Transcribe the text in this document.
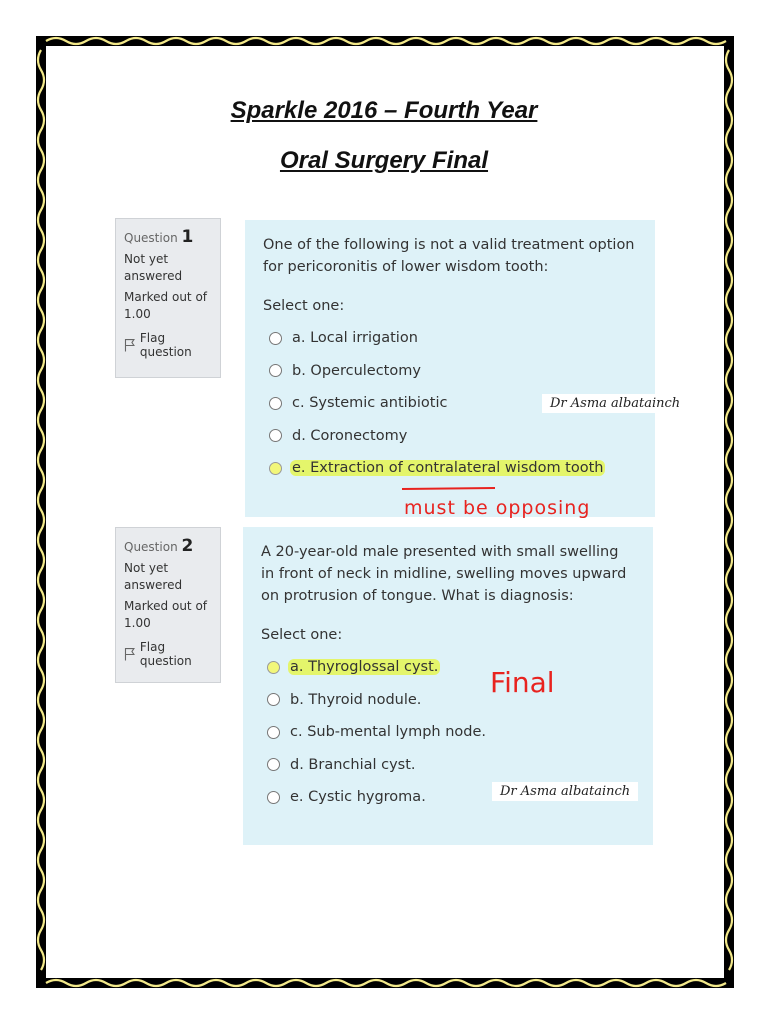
Sparkle 2016 – Fourth Year
Oral Surgery Final
Question 1
Not yet answered
Marked out of 1.00
Flag question
One of the following is not a valid treatment option for pericoronitis of lower wisdom tooth:
Select one:
a. Local irrigation
b. Operculectomy
c. Systemic antibiotic
d. Coronectomy
e. Extraction of contralateral wisdom tooth
Dr Asma albatainch
must be opposing
Question 2
Not yet answered
Marked out of 1.00
Flag question
A 20-year-old male presented with small swelling in front of neck in midline, swelling moves upward on protrusion of tongue. What is diagnosis:
Select one:
a. Thyroglossal cyst.
b. Thyroid nodule.
c. Sub-mental lymph node.
d. Branchial cyst.
e. Cystic hygroma.	Dr Asma albatainch
Final
